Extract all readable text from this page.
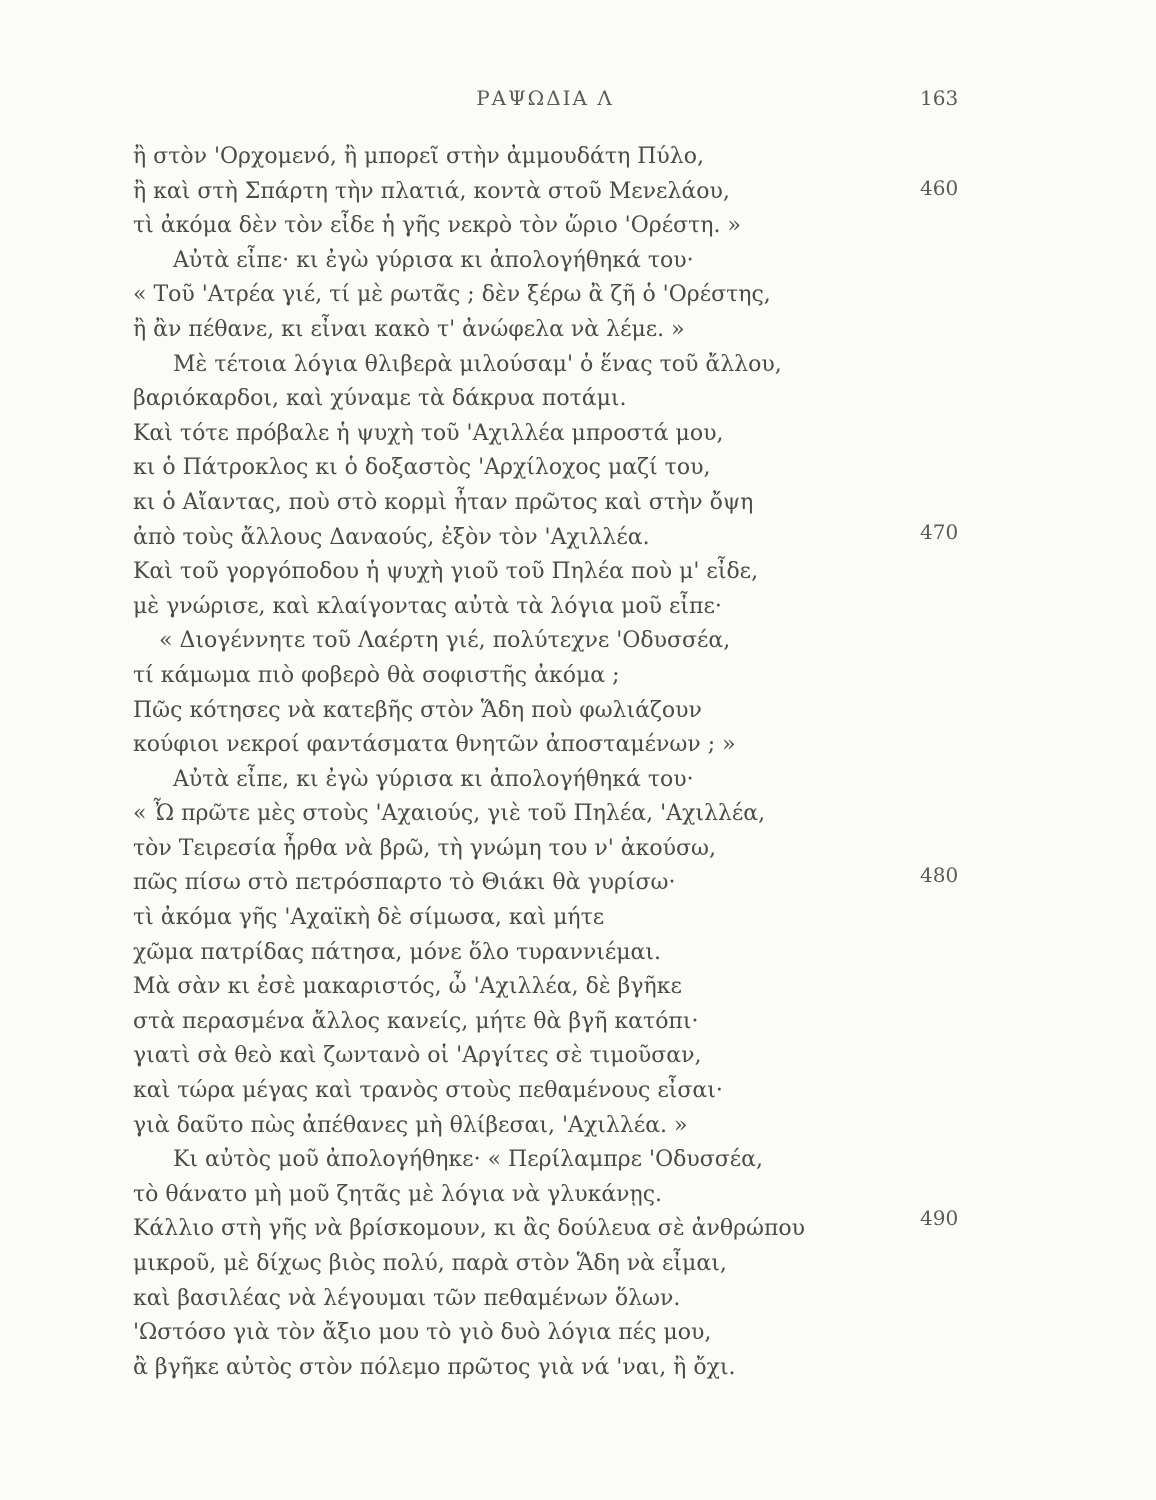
ΡΑΨΩΔΙΑ Λ	163
ἢ στὸν 'Ορχομενό, ἢ μπορεῖ στὴν ἀμμουδάτη Πύλο,
ἢ καὶ στὴ Σπάρτη τὴν πλατιά, κοντὰ στοῦ Μενελάου,
τὶ ἀκόμα δὲν τὸν εἶδε ἡ γῆς νεκρὸ τὸν ὥριο 'Ορέστη. »
Αὐτὰ εἶπε· κι ἐγὼ γύρισα κι ἀπολογήθηκά του·
« Τοῦ 'Ατρέα γιέ, τί μὲ ρωτᾶς ; δὲν ξέρω ἂ ζῆ ὁ 'Ορέστης,
ἢ ἂν πέθανε, κι εἶναι κακὸ τ' ἀνώφελα νὰ λέμε. »
Μὲ τέτοια λόγια θλιβερὰ μιλούσαμ' ὁ ἕνας τοῦ ἄλλου,
βαριόκαρδοι, καὶ χύναμε τὰ δάκρυα ποτάμι.
Καὶ τότε πρόβαλε ἡ ψυχὴ τοῦ 'Αχιλλέα μπροστά μου,
κι ὁ Πάτροκλος κι ὁ δοξαστὸς 'Αρχίλοχος μαζί του,
κι ὁ Αἴαντας, ποὺ στὸ κορμὶ ἦταν πρῶτος καὶ στὴν ὄψη
ἀπὸ τοὺς ἄλλους Δαναούς, ἐξὸν τὸν 'Αχιλλέα.
Καὶ τοῦ γοργόποδου ἡ ψυχὴ γιοῦ τοῦ Πηλέα ποὺ μ' εἶδε,
μὲ γνώρισε, καὶ κλαίγοντας αὐτὰ τὰ λόγια μοῦ εἶπε·
« Διογέννητε τοῦ Λαέρτη γιέ, πολύτεχνε 'Οδυσσέα,
τί κάμωμα πιὸ φοβερὸ θὰ σοφιστῆς ἀκόμα ;
Πῶς κότησες νὰ κατεβῆς στὸν Ἅδη ποὺ φωλιάζουν
κούφιοι νεκροί φαντάσματα θνητῶν ἀποσταμένων ; »
Αὐτὰ εἶπε, κι ἐγὼ γύρισα κι ἀπολογήθηκά του·
« Ὦ πρῶτε μὲς στοὺς 'Αχαιούς, γιὲ τοῦ Πηλέα, 'Αχιλλέα,
τὸν Τειρεσία ἦρθα νὰ βρῶ, τὴ γνώμη του ν' ἀκούσω,
πῶς πίσω στὸ πετρόσπαρτο τὸ Θιάκι θὰ γυρίσω·
τὶ ἀκόμα γῆς 'Αχαϊκὴ δὲ σίμωσα, καὶ μήτε
χῶμα πατρίδας πάτησα, μόνε ὅλο τυραννιέμαι.
Μὰ σὰν κι ἐσὲ μακαριστός, ὦ 'Αχιλλέα, δὲ βγῆκε
στὰ περασμένα ἄλλος κανείς, μήτε θὰ βγῆ κατόπι·
γιατὶ σὰ θεὸ καὶ ζωντανὸ οἱ 'Αργίτες σὲ τιμοῦσαν,
καὶ τώρα μέγας καὶ τρανὸς στοὺς πεθαμένους εἶσαι·
γιὰ δαῦτο πὼς ἀπέθανες μὴ θλίβεσαι, 'Αχιλλέα. »
Κι αὐτὸς μοῦ ἀπολογήθηκε· « Περίλαμπρε 'Οδυσσέα,
τὸ θάνατο μὴ μοῦ ζητᾶς μὲ λόγια νὰ γλυκάνῃς.
Κάλλιο στὴ γῆς νὰ βρίσκομουν, κι ἂς δούλευα σὲ ἀνθρώπου
μικροῦ, μὲ δίχως βιὸς πολύ, παρὰ στὸν Ἅδη νὰ εἶμαι,
καὶ βασιλέας νὰ λέγουμαι τῶν πεθαμένων ὅλων.
'Ωστόσο γιὰ τὸν ἄξιο μου τὸ γιὸ δυὸ λόγια πές μου,
ἂ βγῆκε αὐτὸς στὸν πόλεμο πρῶτος γιὰ νά 'ναι, ἢ ὄχι.
460
470
480
490
